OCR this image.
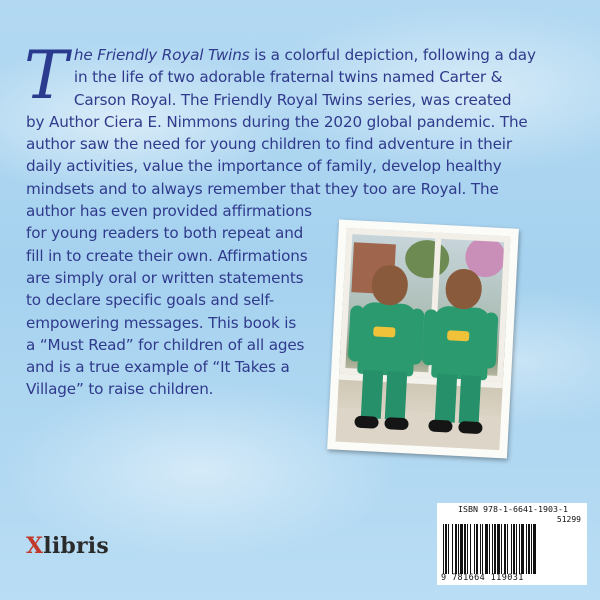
T he Friendly Royal Twins is a colorful depiction, following a day
in the life of two adorable fraternal twins named Carter &
Carson Royal. The Friendly Royal Twins series, was created
by Author Ciera E. Nimmons during the 2020 global pandemic. The
author saw the need for young children to find adventure in their
daily activities, value the importance of family, develop healthy
mindsets and to always remember that they too are Royal. The
author has even provided affirmations
for young readers to both repeat and
fill in to create their own. Affirmations
are simply oral or written statements
to declare specific goals and self-
empowering messages. This book is
a “Must Read” for children of all ages
and is a true example of “It Takes a
Village” to raise children.
Xlibris
ISBN 978-1-6641-1903-1
51299
9 781664 119031
